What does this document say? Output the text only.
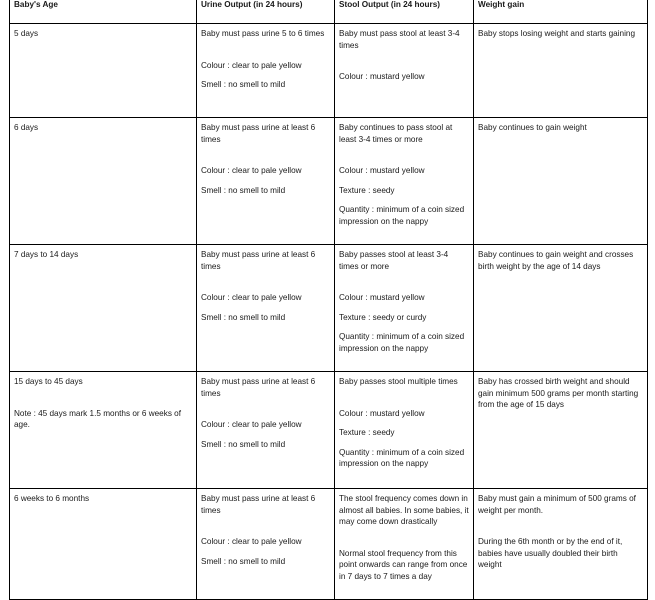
Baby's Age	Urine Output (in 24 hours)	Stool Output (in 24 hours)	Weight gain

5 days	Baby must pass urine 5 to 6 times
Colour : clear to pale yellow
Smell : no smell to mild	Baby must pass stool at least 3-4 times
Colour : mustard yellow	Baby stops losing weight and starts gaining

6 days	Baby must pass urine at least 6 times
Colour : clear to pale yellow
Smell : no smell to mild	Baby continues to pass stool at least 3-4 times or more
Colour : mustard yellow
Texture : seedy
Quantity : minimum of a coin sized impression on the nappy	Baby continues to gain weight

7 days to 14 days	Baby must pass urine at least 6 times
Colour : clear to pale yellow
Smell : no smell to mild	Baby passes stool at least 3-4 times or more
Colour : mustard yellow
Texture : seedy or curdy
Quantity : minimum of a coin sized impression on the nappy	Baby continues to gain weight and crosses birth weight by the age of 14 days

15 days to 45 days
Note : 45 days mark 1.5 months or 6 weeks of age.	Baby must pass urine at least 6 times
Colour : clear to pale yellow
Smell : no smell to mild	Baby passes stool multiple times
Colour : mustard yellow
Texture : seedy
Quantity : minimum of a coin sized impression on the nappy	Baby has crossed birth weight and should gain minimum 500 grams per month starting from the age of 15 days

6 weeks to 6 months	Baby must pass urine at least 6 times
Colour : clear to pale yellow
Smell : no smell to mild	The stool frequency comes down in almost all babies. In some babies, it may come down drastically
Normal stool frequency from this point onwards can range from once in 7 days to 7 times a day	Baby must gain a minimum of 500 grams of weight per month.
During the 6th month or by the end of it, babies have usually doubled their birth weight
